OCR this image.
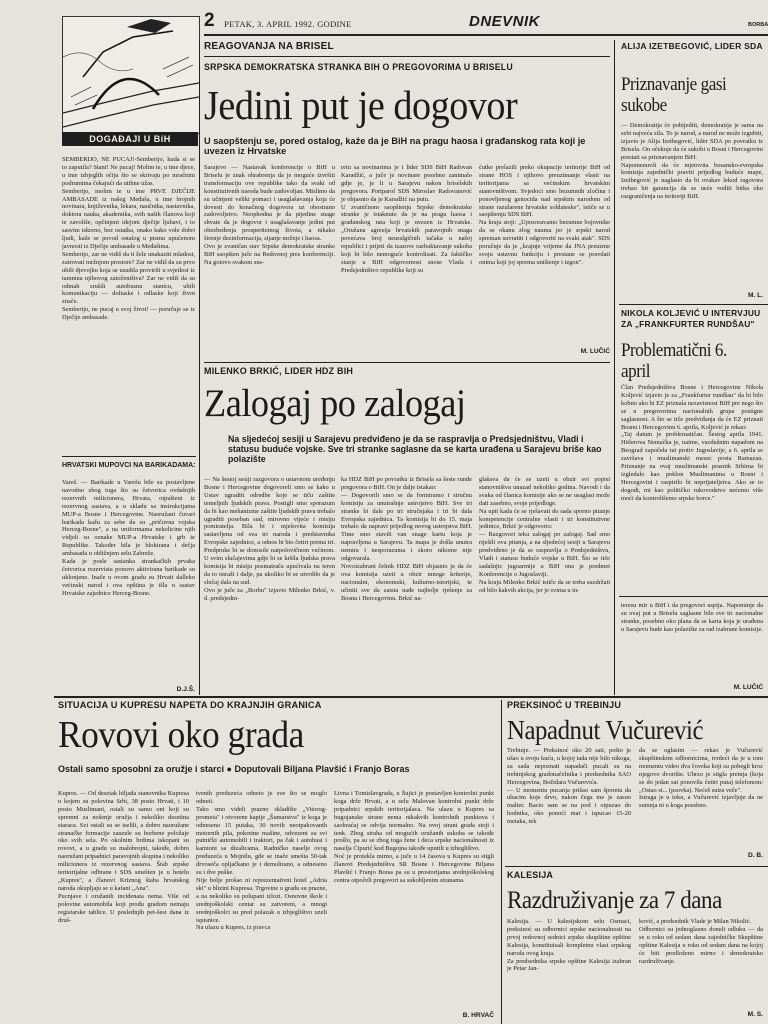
2 PETAK, 3. APRIL 1992. GODINE	DNEVNIK	BORBA
DOGAĐAJI U BiH
SEMBERIJO, NE PUCAJ!-Semberijo, kuda si se to zaputila? Stani! Ne pucaj! Molim te, u tme djece, u ime izbjeglih očiju što se skrivaju po mračnim podrumima čekajući da utihne užas.
Semberijo, molim te u ime PRVE DJEČIJE AMBASADE iz našeg Međaša, u ime brojnih novinara, književnika, lekara, naučnika, nastavnika, doktora nauka, akademika, svih naših članova koji te zavoliše, opčinjeni idejom dječije ljubavi, i to sasvim iskreno, bez ostatka, onako kako vole dobri ljudi, kaže se povod ostalog u pismu upućenom javnosti iz Dječije ambasade u Međašima.
Semberijo, zar ne vidiš da ti žele unakaziti mladost, zatrovati mržnjom prostore? Zar ne vidiš da su prvo ubili djevojku koja se usudila provirili u svjetlost iz tamnina njihovog zatočeništva? Zar ne vidiš da su odmah srušili autobusnu stanicu, ubili komunikaciju — doliaske i odlaske koji život znače.
Semberijo, ne pucaj u svoj život! — poručuje se iz Dječije ambasade.
HRVATSKI MUPOVCI NA BARIKADAMA:
Vareš. — Barikade u Varešu bile su postavljene navodno zbog toga što su četvorica ovdašnjih rezervnih milicionera, Hrvata, otpušteni iz rezervnog sastava, a u skladu sa instrukcijama MUP-a Bosne i Hercegovine. Naoružani čuvari barikada kažu za sebe da su „pričuvna vojska Herceg-Bosne", a na uniformama nekolicine njih vidjeli su oznake MUP-a Hrvatske i grb te Republike. Također bila je blokirana i dečja ambasada u obližnjem selu Zabreže.
Kada je posle sastanka strankačkih prvaka četvorica rezervista ponovo aktivirana barikade su uklonjene. Inače u ovom gradu su Hrvati dalleko većinski narod i ova opština je išla u sastav Hrvatske zajednice Herceg-Bosne.
D.J.Š.
REAGOVANJA NA BRISEL
SRPSKA DEMOKRATSKA STRANKA BIH O PREGOVORIMA U BRISELU
Jedini put je dogovor
U saopštenju se, pored ostalog, kaže da je BiH na pragu haosa i građanskog rata koji je uvezen iz Hrvatske
Sarajevo — Nastavak konferencije o BiH u Briselu je znak ohrabrenja da je moguće izvršiti transformaciju ove republike tako da svaki od konstitutivnih naroda bude zadovoljan. Mislimo da su učinjeni veliki pomaci i usaglašavanja koja će dovesti do konačnog dogovora uz obostrano zadovoljstvo. Neophodna je da pijedine snage shvate da je dogovor i usaglašavanje jedini put obezbeđenja prosperitetnog života, a nikako širenje dezinformacija, sijanje mržnje i haosa.
Ovo je zvaničan stav Srpske demokratske stranke BiH saopšten juče na Redovnoj pres konferenciji. Na gotovo svakom sus-
retu sa novinarima je i lider SDS BiH Radovan Karadžić, a juče je novinare posebno zanimalo gdje je, je li u Sarajevu nakon briselskih pregovora. Portparol SDS Miroslav Radovanović je objasnio da je Karadžić na putu.
U zvaničnom saopštenju Srpske demokratske stranke je istaknuto da je na pragu haosa i građanskog rata koji je uvezen iz Hrvatske. „Oružana agresija hrvatskih paravojnih snaga povećava broj neuralgičnih tačaka u našoj republici i prijeti da izazove razbuktavanje sukoba koji bi bilo nemoguće kontrolisati. Za faktičko stanje u BiH odgovornost snose Vlada i Predsjedništvo republike koji su
ćutke prelazili preko okupacije teritorije BiH od strane HOS i njihovo preuzimanje vlasti na teritorijama sa većinskim hrvatskim stanovništvom. Svjedoci smo bezumnih zločina i ponovljenog genocida nad srpskim narodom od strane razularene hrvatske soldateske", ističe se u saopštenju SDS BiH.
Na kraju stoji: „Upozoravamo bezumne bojovnike da se okanu zlog nauma jer je srpski narod spreman suvratiti i odgovoriti na svaki atak". SDS poručuje da je „krajnje vrijeme da JNA preuzme svoju ustavnu funkciju i prestane se pravdati onima koji joj sprema uništenje i izgon".
M. LUČIĆ
ALIJA IZETBEGOVIĆ, LIDER SDA
Priznavanje gasi sukobe
— Demokratija će pobijediti, demokratija je sama na sebi najveća sila. To je narod, a narod ne može izgubiti, izjavio je Alija Izetbegović, lider SDA po povratku iz Brisela. On očekuje da će sukobi u Bosni i Hercegovini prestati sa priznavanjem BiH.
Napomenuvši da će mjetovita bosansko-evropska komisija zajednički praviti prijedlog buduće mape, Izetbegović je naglasio da bi ovakav lekod ragovora trebao bit garancija da se neće voditi bitka oko razgraničenja na teritoriji BiH.
M. L.
NIKOLA KOLJEVIĆ U INTERVJUU ZA „FRANKFURTER RUNDŠAU"
Problematični 6. april
Član Predsjedništva Bosne i Hercegovine Nikola Koljević izjavio je za „Frankfurter rundšau" da bi bilo kobno ako bi EZ priznala nezavisnost BiH pre nego što se u pregovorima nacionalnih grupa postigne saglasnost. A što se tiče predviđanja da će EZ priznati Bosnu i Hercegovinu 6. aprila, Koljević je rekao:
„Taj datum je problematičan. Šestog aprila 1941. Hitlerova Nemačka je, naime, vazdušnim napadom na Beograd započela rat protiv Jugoslavije, a 6. aprila se završava i muslimanski mesec posta Ramazan. Priznanje na ovaj muslimanski praznik Srbima bi izgledalo kao poklon Muslimanima u Bosni i Hercegovini i raspirilo bi neprijateljstva. Ako se to dogodi, mi kao političko rukovodstvo nećemo više moći da kontrolišemo srpske borce."
teresu mir u BiH i da pregovori uspija. Napominje da su ovaj put u Briselu saglasne bile sve tri nacionalne stranke, posebno oko plana da se karta koja je urađena u Sarajevu bude kao polazište za rad izabrane komisije.
M. LUČIĆ
MILENKO BRKIĆ, LIDER HDZ BIH
Zalogaj po zalogaj
Na sljedećoj sesiji u Sarajevu predviđeno je da se raspravlja o Predsjedništvu, Vladi i statusu buduće vojske. Sve tri stranke saglasne da se karta urađena u Sarajevu briše kao polazište
— Na šestoj sesiji razgovora o ustavnom uređenju Bosne i Hercegovine dogovoreli smo se kako u Ustav ugraditi odredbe koje se tiču zaštite temeljnih ljudskih prava. Postigli smo sporazum da bi kao mehanizme zaštite ljudskih prava trebalo ugraditi poseban sud, mirovno vijeće i misiju pomiratelja. Bila bi i mješovita komisija sastavljena od sva tri naroda i predstavnika Evropske zajednice, a odnos bi bio četiri prema tri. Predpruke bi se donosile natpolovičnom većinom. U svim slučajevima gdje bi se kršila ljudska prava komisija bi misiju posmatrača upućivala na teren da to istraži i dalje, pa ukoliko bi se utvrdilo da je slučaj dala na sud.
Ovo je juče za „Borbu" izjavio Milenko Brkić, v. d. predsjedni-
ka HDZ BiH po povratku iz Brisela sa šeste runde pregovora o BiH. On je dalje istakao:
— Dogovorili smo se da formiramo i stručnu komisiju za unutrašnje ustrojstvo BiH. Sve tri stranke bi dale po tri stručnjaka i tri bi dala Evropska zajednica. Ta komisija bi do 15. maja trebalo da napravi prijedlog novog ustrojstva BiH. Time smo stavili van snage kartu koja je napravljena u Sarajevu. Ta mapa je došla unutra nemira i nesporazuma i skoro nikome nije odgovarala.
Novoizabrani čelnik HDZ BiH objasnio je da će ova komisija uzeti u obzir mnoge kriterije, nacionalni, ekonomski, kulturno-istorijski, te učiniti sve da zaista nađe najbolje rješenje za Bosnu i Hercegovinu. Brkić na-
glašava da će se uzeti u obzir svi popisi stanovništva unazad nekoliko godina. Navodi i da svaka od članica komisije ako se ne usaglasi može dati zasebno, svoje prijedloge.
Na upit kada će se rješavati do sada sporno pitanje kompetencije centralne vlasti i tri konstitutivne jedinice, Brkić je odgovorio:
— Razgovori teku zalogaj po zalogaj. Sad smo riješili ova pitanja, a na sljedećoj sesiji u Sarajevu predviđeno je da se raspravlja o Predsjedništvu, Vladi i statusu buduće vojske u BiH. Što se tiče sadašnjic jugoarmije u BiH ona je predmet Konferencije o Jugoslaviji.
Na kraju Milenko Brkić ističe da se treba suzdržati od bilo kakvih akcija, jer je svima u in-
SITUACIJA U KUPRESU NAPETA DO KRAJNJIH GRANICA
Rovovi oko grada
Ostali samo sposobni za oružje i starci ● Doputovali Biljana Plavšić i Franjo Boras
Kupres. — Od desetak hiljada stanovnika Kupresa u kojem su polovina Srbi, 38 posto Hrvati, i 10 posto Muslimani, ostali su samo oni koji su spremni za nošenje oružja i nekoliko desetina staraca. Svi ostali su se iselili, a dobro naoružane stranačke formacije zauzele su borbene položaje oko svih sela. Po okolnim brdima iskopani su rovovi, a u gradu su malobrojni, takođe, dobro naoružani pripadnici paravojnih skupina i nekoliko milicionera iz rezervnog sastava. Štab srpske teritorijalne odbrane i SDS smešten je u hotelu „Kupres", a članovi Kriznog štaba hrvatskog naroda okupljaju se u kafani „Ana".
Pucnjave i oružanih incidenata nema. Više od polovine automobila koji prođu gradom nemaju registarske tablice. U poslednjih pet-šest dana iz druš-
tvenih preduzeća odneto je sve što se moglo odneti.
Tako smo videli prazno skladište „Vitorog-prometa" i otvorene kapije „Šumarstva" iz koga je odneseno 15 putaka, 30 novih neotpakovanih motornih pila, pokretne mašine, odvezeni su svi putnički automobili i traktori, pa čak i autobusi i kamioni sa dizalicama. Radničko naselje ovog preduzeća u Mojnilu, gde se inače smešta 50-tak drvoseča opljačkano je i demolirano, a odneseno su i dve puške.
Nije bolje prošao ni reprezentativni hotel „Adria ski" u blizini Kupresa. Trgovine u gradu su prazne, a na nekoliko su polupani izlozi. Osnovne škole i srednjoškolski centar su zatvoreni, a mnogi srednjoškolci su pred polazak u izbjeglištvo uzeli ispisnice.
Na ulazu u Kupres, iz pravca
Livna i Tomislavgrada, u Šujici je postavljen kontrolni punkt koga drže Hrvati, a u selu Malovan kontrolni punkt drže pripadnici srpskih teritorijalaca. Na ulazu u Kupres sa bugojanske strane nema nikakvih kontrolnih punktova i saobraćaj se odvija normalno. Na ovoj strani grada stoji i tenk. Zbog straha od mogućih oružanih sukoba se takođe prošlo, pa su se zbog toga žene i deca srpske nacionalnosti iz naselja Ćipurić kod Bugojna takođe uputili u izbeglištvo.
Noć je protekla mirno, a juče u 14 časova u Kupres su stigli članovi Predsjedništva SR Bosne i Hercegovine Biljana Plavšić i Franjo Boras pa su u prostorijama srednjoškolskog centra otpočeli pregovori sa sukobljenim stranama.
B. HRVAČ
PREKSINOĆ U TREBINJU
Napadnut Vučurević
Trebinje. — Preksinoć oko 20 sati, pošto je ušao u svoju kuću, u kojoj tada nije bilo nikoga, za sada nepoznati napadači pucali su na trebinjskog gradonačelnika i predsednika SAO Hercegovina, Božidara Vučurevića.
— U momentu pucanja prišao sam šporetu da ubacim koje drvo, nakon čega me je zasuo malter. Bacio sam se na pod i otpuzao do hodnika, oko ponoći mat i ispucao 15-20 metaka, tek
da se oglasim — rekao je Vučurević skupštinskim odbornicima, tvrdeći da je u tom momentu video dva čoveka koji su pobegli kroz njegovo dvorište. Ubrzo je stigla pretnja (koja se do jedan sat ponovila četiri puta) telefonom: „Ostao si... (psovka). Nećeš sutra veče".
Istraga je u toku, a Vučurević izjavljuje da ne sumnja ni u koga posebno.
D. B.
KALESIJA
Razdruživanje za 7 dana
Kalesija. — U kalesijskom selu Osmaci, preksinoć su odbornici srpske nacionalnosti na prvoj redovnoj sednici srpske skupštine opštine Kalesija, konstituisali kompletnu vlast srpskog naroda ovog kraja.
Za predsednika srpske opštine Kalesija izabran je Petar Jan-
ković, a predsednik Vlade je Milan Nikolić.
Odbornici su jednoglasno doneli odluku — da se u roku od sedam dana zajedničke Skupštine opštine Kalesija u roku od sedam dana na kojoj će biti predloženo mirno i demokratsko razdruživanje.
M. S.
